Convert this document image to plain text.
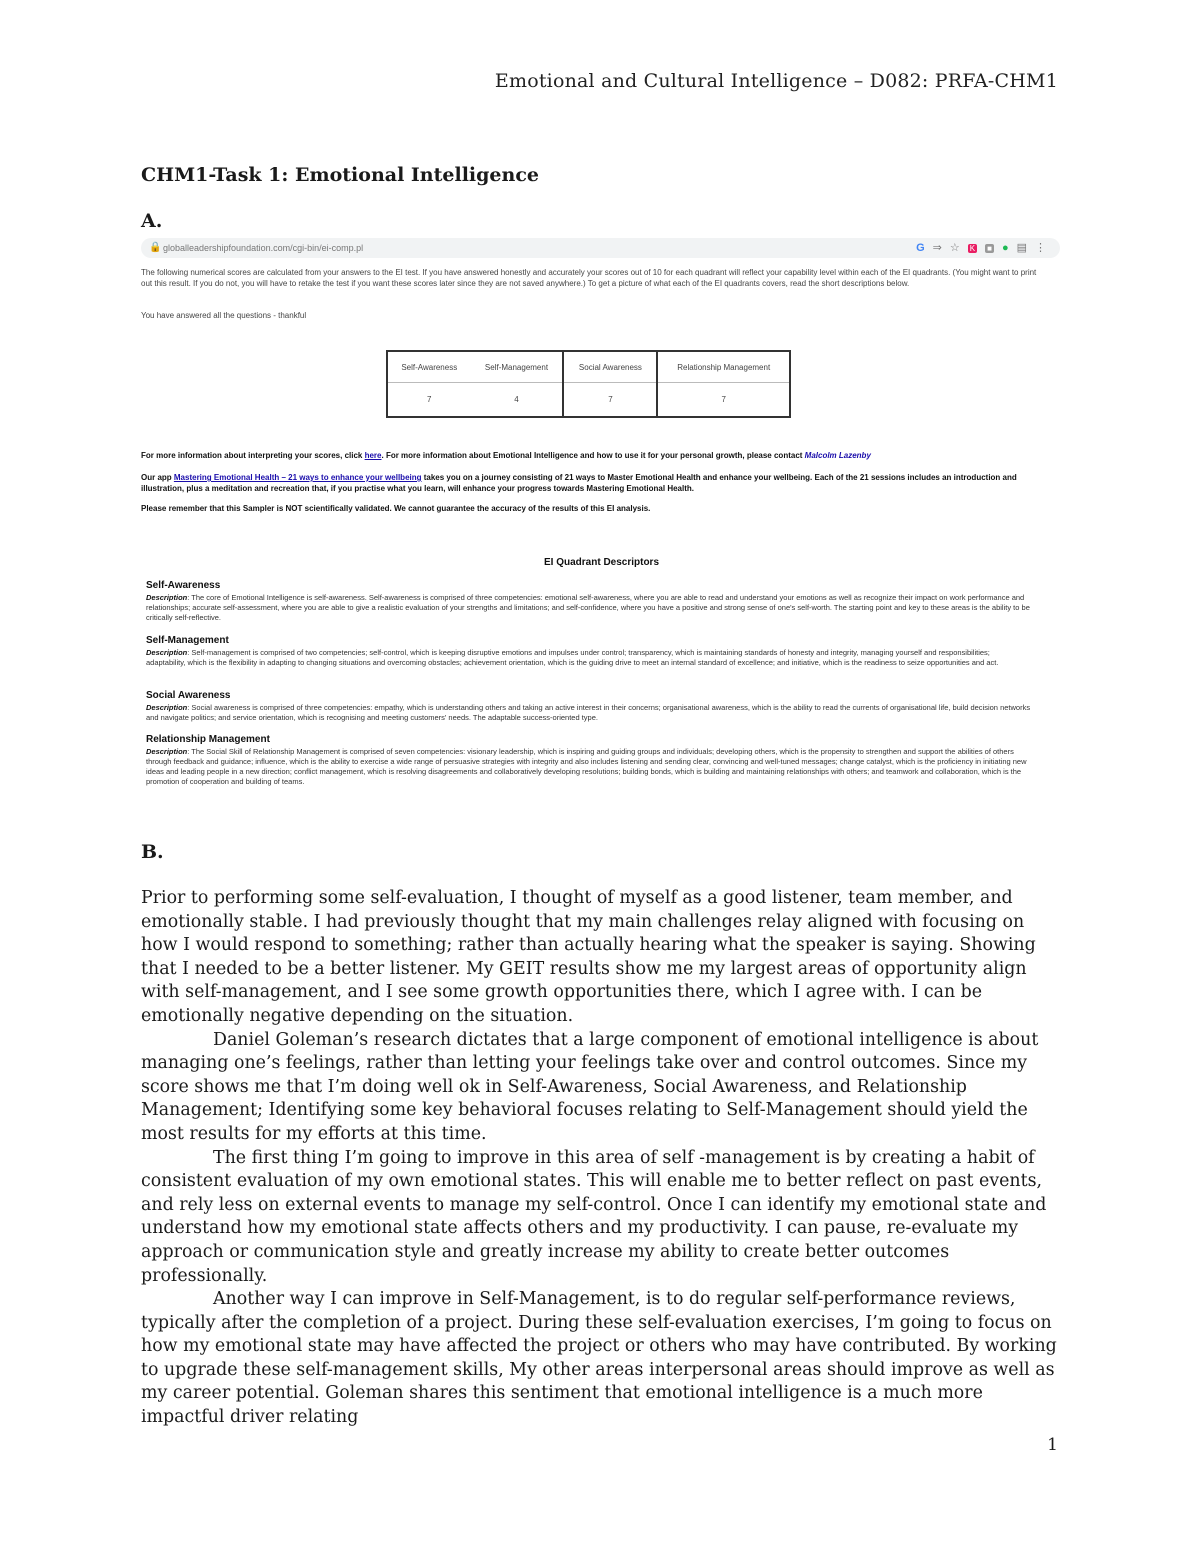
Emotional and Cultural Intelligence – D082: PRFA-CHM1
CHM1-Task 1: Emotional Intelligence
A.
🔒 globalleadershipfoundation.com/cgi-bin/ei-comp.pl	G⇒☆ K ■ ●▤⋮
The following numerical scores are calculated from your answers to the EI test. If you have answered honestly and accurately your scores out of 10 for each quadrant will reflect your capability level within each of the EI quadrants. (You might want to print out this result. If you do not, you will have to retake the test if you want these scores later since they are not saved anywhere.) To get a picture of what each of the EI quadrants covers, read the short descriptions below.
You have answered all the questions - thankful
Self-Awareness	Self-Management	Social Awareness	Relationship Management
7	4	7	7
For more information about interpreting your scores, click here. For more information about Emotional Intelligence and how to use it for your personal growth, please contact Malcolm Lazenby
Our app Mastering Emotional Health – 21 ways to enhance your wellbeing takes you on a journey consisting of 21 ways to Master Emotional Health and enhance your wellbeing. Each of the 21 sessions includes an introduction and illustration, plus a meditation and recreation that, if you practise what you learn, will enhance your progress towards Mastering Emotional Health.
Please remember that this Sampler is NOT scientifically validated. We cannot guarantee the accuracy of the results of this EI analysis.
EI Quadrant Descriptors
Self-Awareness
Description: The core of Emotional Intelligence is self-awareness. Self-awareness is comprised of three competencies: emotional self-awareness, where you are able to read and understand your emotions as well as recognize their impact on work performance and relationships; accurate self-assessment, where you are able to give a realistic evaluation of your strengths and limitations; and self-confidence, where you have a positive and strong sense of one's self-worth. The starting point and key to these areas is the ability to be critically self-reflective.
Self-Management
Description: Self-management is comprised of two competencies; self-control, which is keeping disruptive emotions and impulses under control; transparency, which is maintaining standards of honesty and integrity, managing yourself and responsibilities; adaptability, which is the flexibility in adapting to changing situations and overcoming obstacles; achievement orientation, which is the guiding drive to meet an internal standard of excellence; and initiative, which is the readiness to seize opportunities and act.
Social Awareness
Description: Social awareness is comprised of three competencies: empathy, which is understanding others and taking an active interest in their concerns; organisational awareness, which is the ability to read the currents of organisational life, build decision networks and navigate politics; and service orientation, which is recognising and meeting customers' needs. The adaptable success-oriented type.
Relationship Management
Description: The Social Skill of Relationship Management is comprised of seven competencies: visionary leadership, which is inspiring and guiding groups and individuals; developing others, which is the propensity to strengthen and support the abilities of others through feedback and guidance; influence, which is the ability to exercise a wide range of persuasive strategies with integrity and also includes listening and sending clear, convincing and well-tuned messages; change catalyst, which is the proficiency in initiating new ideas and leading people in a new direction; conflict management, which is resolving disagreements and collaboratively developing resolutions; building bonds, which is building and maintaining relationships with others; and teamwork and collaboration, which is the promotion of cooperation and building of teams.
B.

Prior to performing some self-evaluation, I thought of myself as a good listener, team member, and emotionally stable. I had previously thought that my main challenges relay aligned with focusing on how I would respond to something; rather than actually hearing what the speaker is saying. Showing that I needed to be a better listener. My GEIT results show me my largest areas of opportunity align with self-management, and I see some growth opportunities there, which I agree with. I can be emotionally negative depending on the situation.

Daniel Goleman’s research dictates that a large component of emotional intelligence is about managing one’s feelings, rather than letting your feelings take over and control outcomes. Since my score shows me that I’m doing well ok in Self-Awareness, Social Awareness, and Relationship Management; Identifying some key behavioral focuses relating to Self-Management should yield the most results for my efforts at this time.

The first thing I’m going to improve in this area of self -management is by creating a habit of consistent evaluation of my own emotional states. This will enable me to better reflect on past events, and rely less on external events to manage my self-control. Once I can identify my emotional state and understand how my emotional state affects others and my productivity. I can pause, re-evaluate my approach or communication style and greatly increase my ability to create better outcomes professionally.

Another way I can improve in Self-Management, is to do regular self-performance reviews, typically after the completion of a project. During these self-evaluation exercises, I’m going to focus on how my emotional state may have affected the project or others who may have contributed. By working to upgrade these self-management skills, My other areas interpersonal areas should improve as well as my career potential. Goleman shares this sentiment that emotional intelligence is a much more impactful driver relating

1
